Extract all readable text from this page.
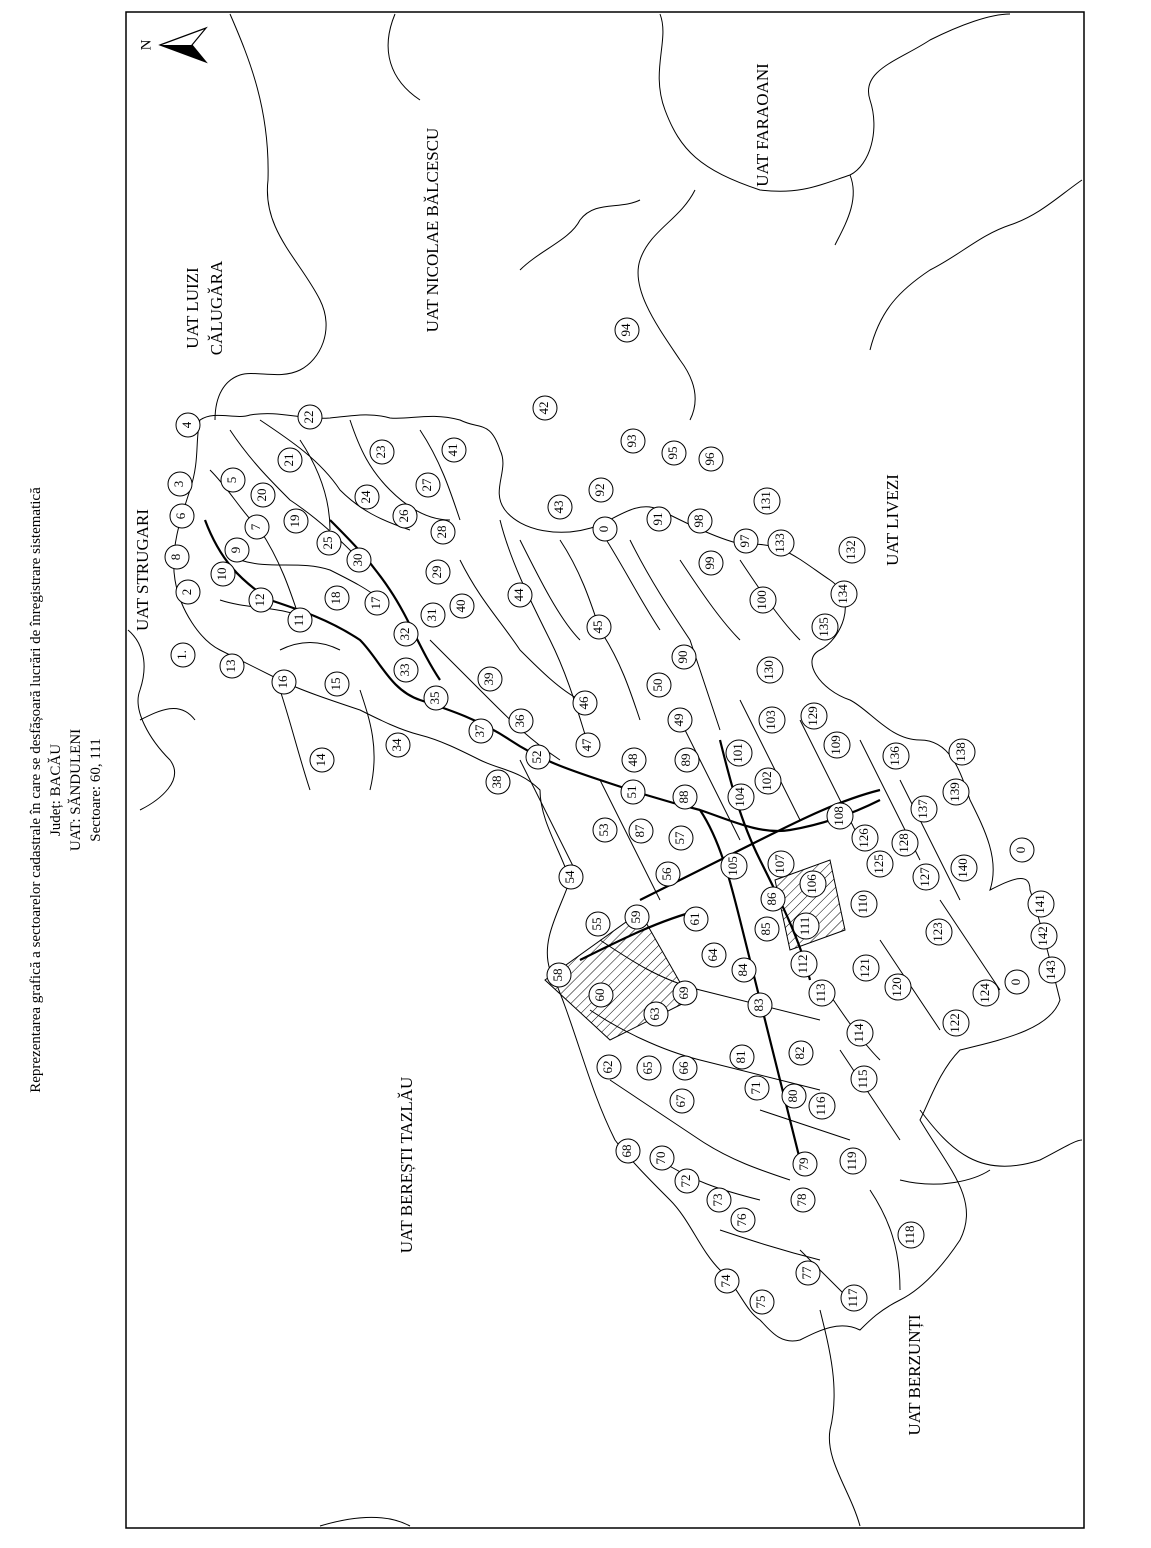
Reprezentarea grafică a sectoarelor cadastrale în care se desfășoară lucrări de înregistrare sistematică Județ: BACĂU UAT: SĂNDULENI Sectoare: 60, 111
N
UAT STRUGARI
UAT LUIZI CĂLUGĂRA	UAT NICOLAE BĂLCESCU
UAT FARAOANI
UAT LIVEZI
UAT BEREȘTI TAZLĂU
UAT BERZUNȚI
1.
2
3
4
5
6
7
8
9
10
11
12
13
14
15
16
17
18
19
20
21
22
23
24
25
26
27
28
29
30
31
32
33
34
35
36
37
38
39
40
41
42
43
44
45
46
47
48
49
50
51
52
53
54
55
56
57
58
59
60
61
62
63
64
65 66
67
68
69
70
71
72
73
74
75
76
77
78
79
80
81	82
83
84
85
86
87
88
89
90
91
92
93
94
95 96
97
98
99
100
101
102
103
104
105
106
107
108
109
110
111
112
113
114
115
116
117
118
119
120
121
122
123
124
125
126
127
128
129
130
131
132
133
134
135
136
137
138
139
140
141
142
143
0
0
0
